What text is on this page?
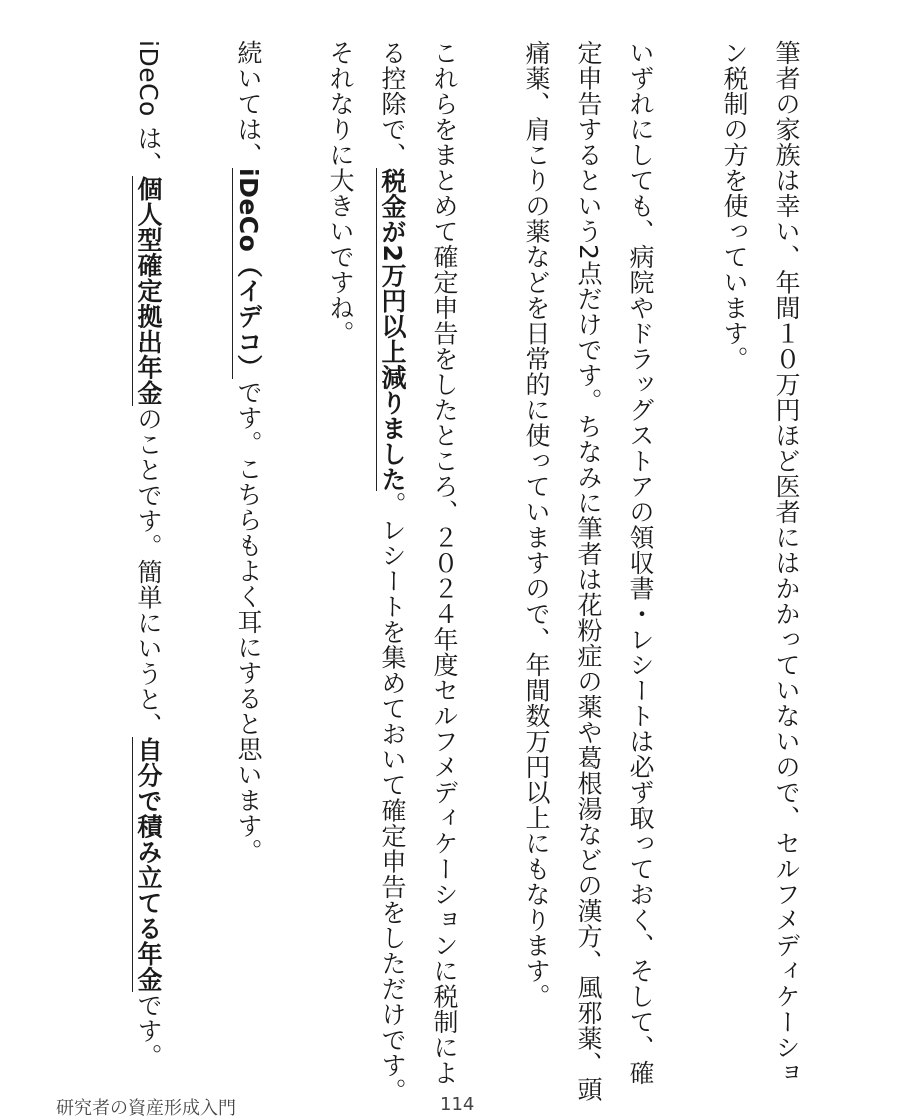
筆者の家族は幸い、年間１０万円ほど医者にはかかっていないので、セルフメディケーショ

ン税制の方を使っています。

いずれにしても、病院やドラッグストアの領収書・レシートは必ず取っておく、そして、確

定申告するという2点だけです。ちなみに筆者は花粉症の薬や葛根湯などの漢方、風邪薬、頭

痛薬、肩こりの薬などを日常的に使っていますので、年間数万円以上にもなります。

これらをまとめて確定申告をしたところ、２０２４年度セルフメディケーションに税制によ

る控除で、税金が2万円以上減りました。レシートを集めておいて確定申告をしただけです。

それなりに大きいですね。

続いては、iDeCo（イデコ）です。こちらもよく耳にすると思います。

iDeCo は、個人型確定拠出年金のことです。簡単にいうと、自分で積み立てる年金です。

研究者の資産形成入門	114
